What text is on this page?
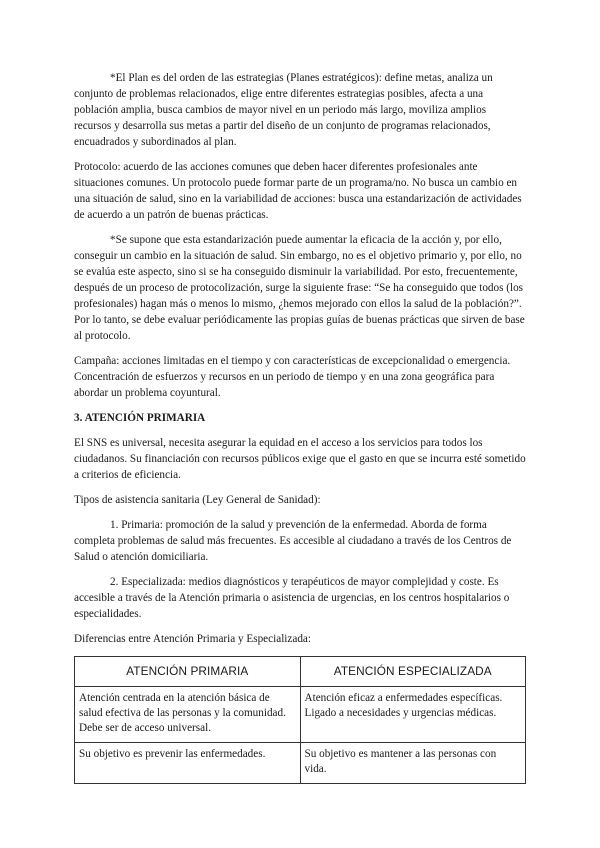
*El Plan es del orden de las estrategias (Planes estratégicos): define metas, analiza un conjunto de problemas relacionados, elige entre diferentes estrategias posibles, afecta a una población amplia, busca cambios de mayor nivel en un periodo más largo, moviliza amplios recursos y desarrolla sus metas a partir del diseño de un conjunto de programas relacionados, encuadrados y subordinados al plan.

Protocolo: acuerdo de las acciones comunes que deben hacer diferentes profesionales ante situaciones comunes. Un protocolo puede formar parte de un programa/no. No busca un cambio en una situación de salud, sino en la variabilidad de acciones: busca una estandarización de actividades de acuerdo a un patrón de buenas prácticas.

*Se supone que esta estandarización puede aumentar la eficacia de la acción y, por ello, conseguir un cambio en la situación de salud. Sin embargo, no es el objetivo primario y, por ello, no se evalúa este aspecto, sino si se ha conseguido disminuir la variabilidad. Por esto, frecuentemente, después de un proceso de protocolización, surge la siguiente frase: “Se ha conseguido que todos (los profesionales) hagan más o menos lo mismo, ¿hemos mejorado con ellos la salud de la población?”. Por lo tanto, se debe evaluar periódicamente las propias guías de buenas prácticas que sirven de base al protocolo.

Campaña: acciones limitadas en el tiempo y con características de excepcionalidad o emergencia. Concentración de esfuerzos y recursos en un periodo de tiempo y en una zona geográfica para abordar un problema coyuntural.

3. ATENCIÓN PRIMARIA

El SNS es universal, necesita asegurar la equidad en el acceso a los servicios para todos los ciudadanos. Su financiación con recursos públicos exige que el gasto en que se incurra esté sometido a criterios de eficiencia.

Tipos de asistencia sanitaria (Ley General de Sanidad):

1. Primaria: promoción de la salud y prevención de la enfermedad. Aborda de forma completa problemas de salud más frecuentes. Es accesible al ciudadano a través de los Centros de Salud o atención domiciliaria.

2. Especializada: medios diagnósticos y terapéuticos de mayor complejidad y coste. Es accesible a través de la Atención primaria o asistencia de urgencias, en los centros hospitalarios o especialidades.

Diferencias entre Atención Primaria y Especializada:

ATENCIÓN PRIMARIA	ATENCIÓN ESPECIALIZADA
Atención centrada en la atención básica de salud efectiva de las personas y la comunidad. Debe ser de acceso universal.	Atención eficaz a enfermedades específicas. Ligado a necesidades y urgencias médicas.
Su objetivo es prevenir las enfermedades.	Su objetivo es mantener a las personas con vida.
